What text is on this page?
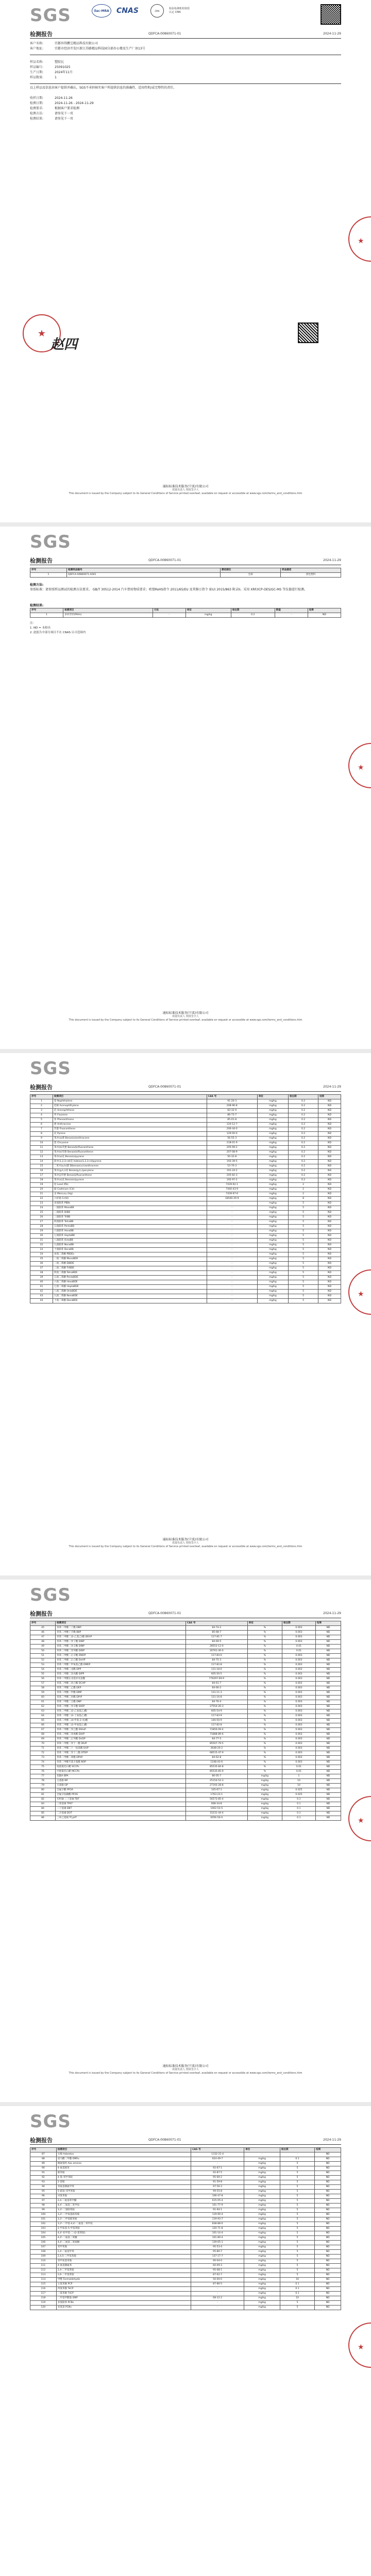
SGS	ilac-MRA	CNAS	CMA
检验检测机构资质认定 CMA
检测报告	QDFCA-00860071-01	2024-11-29
客户名称:	宜都容得鹏宝精品科技有限公司
客户地址:	宜都市经济开发区新江苏路精品科技园分部办公楼及生产厂房13号
样品名称:	塑胶瓦
样品编号:	25091025
生产日期:	2024年11月
样品数量:	1
以上样品及信息由客户提供并确认，SGS不承担核实客户所提供信息的准确性、适用性和/或完整性的责任。
收样日期:	2024-11-26
检测日期:	2024-11-26 - 2024-11-29
检测要求:	根据客户要求检测
检测方法:	请参见下一页
检测结果:	请参见下一页
★
赵四
通标标准技术服务(宁波)有限公司
质量负责人 授权签字人
This document is issued by the Company subject to its General Conditions of Service printed overleaf, available on request or accessible at www.sgs.com/terms_and_conditions.htm
★
SGS
检测报告	QDFCA-00860071-01	2024-11-29
序号	检测样品编号	测试部位	样品描述
1	QDFCA-00860071-A001	全部	黑色塑料
检测方法:
参照标准：请参照样品测试的检测方法要求。 GB/T 30512-2014 汽车禁用物质要求；欧盟RoHS指令 2011/65/EU 及其修订指令 (EU) 2015/863 附录II。采用 XRF/ICP-OES/GC-MS 等仪器进行检测。
检测结果:
序号	检测项目	方法	单位	检出限	限值	结果
1	多环芳烃(PAHs)	-	mg/kg	0.2	-	ND
注：
1. ND = 未检出
2. 此报告中部分项目不在 CNAS 认可范围内
通标标准技术服务(宁波)有限公司
质量负责人 授权签字人
This document is issued by the Company subject to its General Conditions of Service printed overleaf, available on request or accessible at www.sgs.com/terms_and_conditions.htm
★
SGS
检测报告	QDFCA-00860071-01	2024-11-29
序号	检测项目	CAS 号	单位	检出限	结果
1	萘 Naphthalene	91-20-3	mg/kg	0.2	ND
2	苊烯 Acenaphthylene	208-96-8	mg/kg	0.2	ND
3	苊 Acenaphthene	83-32-9	mg/kg	0.2	ND
4	芴 Fluorene	86-73-7	mg/kg	0.2	ND
5	菲 Phenanthrene	85-01-8	mg/kg	0.2	ND
6	蒽 Anthracene	120-12-7	mg/kg	0.2	ND
7	荧蒽 Fluoranthene	206-44-0	mg/kg	0.2	ND
8	芘 Pyrene	129-00-0	mg/kg	0.2	ND
9	苯并(a)蒽 Benzo(a)anthracene	56-55-3	mg/kg	0.2	ND
10	䓛 Chrysene	218-01-9	mg/kg	0.2	ND
11	苯并(b)荧蒽 Benzo(b)fluoranthene	205-99-2	mg/kg	0.2	ND
12	苯并(k)荧蒽 Benzo(k)fluoranthene	207-08-9	mg/kg	0.2	ND
13	苯并(a)芘 Benzo(a)pyrene	50-32-8	mg/kg	0.2	ND
14	茚并(1,2,3-cd)芘 Indeno(1,2,3-cd)pyrene	193-39-5	mg/kg	0.2	ND
15	二苯并(a,h)蒽 Dibenzo(a,h)anthracene	53-70-3	mg/kg	0.2	ND
16	苯并(g,h,i)苝 Benzo(g,h,i)perylene	191-24-2	mg/kg	0.2	ND
17	苯并(j)荧蒽 Benzo(j)fluoranthene	205-82-3	mg/kg	0.2	ND
18	苯并(e)芘 Benzo(e)pyrene	192-97-2	mg/kg	0.2	ND
19	铅 Lead (Pb)	7439-92-1	mg/kg	2	ND
20	镉 Cadmium (Cd)	7440-43-9	mg/kg	2	ND
21	汞 Mercury (Hg)	7439-97-6	mg/kg	2	ND
22	六价铬 Cr(VI)	18540-29-9	mg/kg	8	ND
23	多溴联苯 PBBs	-	mg/kg	5	ND
24	一溴联苯 MonoBB	-	mg/kg	5	ND
25	二溴联苯 DiBB	-	mg/kg	5	ND
26	三溴联苯 TriBB	-	mg/kg	5	ND
27	四溴联苯 TetraBB	-	mg/kg	5	ND
28	五溴联苯 PentaBB	-	mg/kg	5	ND
29	六溴联苯 HexaBB	-	mg/kg	5	ND
30	七溴联苯 HeptaBB	-	mg/kg	5	ND
31	八溴联苯 OctaBB	-	mg/kg	5	ND
32	九溴联苯 NonaBB	-	mg/kg	5	ND
33	十溴联苯 DecaBB	-	mg/kg	5	ND
34	多溴二苯醚 PBDEs	-	mg/kg	5	ND
35	一溴二苯醚 MonoBDE	-	mg/kg	5	ND
36	二溴二苯醚 DiBDE	-	mg/kg	5	ND
37	三溴二苯醚 TriBDE	-	mg/kg	5	ND
38	四溴二苯醚 TetraBDE	-	mg/kg	5	ND
39	五溴二苯醚 PentaBDE	-	mg/kg	5	ND
40	六溴二苯醚 HexaBDE	-	mg/kg	5	ND
41	七溴二苯醚 HeptaBDE	-	mg/kg	5	ND
42	八溴二苯醚 OctaBDE	-	mg/kg	5	ND
43	九溴二苯醚 NonaBDE	-	mg/kg	5	ND
44	十溴二苯醚 DecaBDE	-	mg/kg	5	ND
通标标准技术服务(宁波)有限公司
质量负责人 授权签字人
This document is issued by the Company subject to its General Conditions of Service printed overleaf, available on request or accessible at www.sgs.com/terms_and_conditions.htm
★
SGS
检测报告	QDFCA-00860071-01	2024-11-29
序号	检测项目	CAS 号	单位	检出限	结果
45	邻苯二甲酸二丁酯 DBP	84-74-2	%	0.003	ND
46	邻苯二甲酸丁苄酯 BBP	85-68-7	%	0.003	ND
47	邻苯二甲酸二(2-乙基己)酯 DEHP	117-81-7	%	0.003	ND
48	邻苯二甲酸二异丁酯 DIBP	84-69-5	%	0.003	ND
49	邻苯二甲酸二异壬酯 DINP	28553-12-0	%	0.01	ND
50	邻苯二甲酸二异癸酯 DIDP	26761-40-0	%	0.01	ND
51	邻苯二甲酸二正辛酯 DNOP	117-84-0	%	0.003	ND
52	邻苯二甲酸二正己酯 DnHP	84-75-3	%	0.003	ND
53	邻苯二甲酸二甲氧基乙酯 DMEP	117-82-8	%	0.003	ND
54	邻苯二甲酸二戊酯 DPP	131-18-0	%	0.003	ND
55	邻苯二甲酸二异戊酯 DIPP	605-50-5	%	0.003	ND
56	邻苯二甲酸正戊基异戊基酯	776297-69-9	%	0.003	ND
57	邻苯二甲酸二环己酯 DCHP	84-61-7	%	0.003	ND
58	邻苯二甲酸二乙酯 DEP	84-66-2	%	0.003	ND
59	邻苯二甲酸二甲酯 DMP	131-11-3	%	0.003	ND
60	邻苯二甲酸二丙酯 DPrP	131-16-8	%	0.003	ND
61	邻苯二甲酸二壬酯 DNP	84-76-4	%	0.003	ND
62	邻苯二甲酸二异辛酯 DIOP	27554-26-3	%	0.003	ND
63	邻苯二甲酸二(2-乙氧基乙)酯	605-54-9	%	0.003	ND
64	邻苯二甲酸二(2-丁氧基乙)酯	117-83-9	%	0.003	ND
65	邻苯二甲酸二(4-甲基-2-戊)酯	146-50-9	%	0.003	ND
66	邻苯二甲酸二(2-甲氧基乙)酯	117-82-8	%	0.003	ND
67	邻苯二甲酸二异己酯 DIHxP	71850-09-4	%	0.003	ND
68	邻苯二甲酸二异庚酯 DIHP	71888-89-6	%	0.003	ND
69	邻苯二甲酸二正癸酯 DnDP	84-77-5	%	0.003	ND
70	邻苯二甲酸二异十一酯 DIUP	85507-79-5	%	0.003	ND
71	邻苯二甲酸二十一烷基酯 DUP	3648-20-2	%	0.003	ND
72	邻苯二甲酸二异十三酯 DTDP	68515-47-9	%	0.003	ND
73	邻苯二甲酸二苯酯 DPhP	84-62-8	%	0.003	ND
74	邻苯二甲酸苄基辛基酯 BOP	1248-43-6	%	0.003	ND
75	短链氯化石蜡 SCCPs	85535-84-8	%	0.01	ND
76	中链氯化石蜡 MCCPs	85535-85-9	%	0.01	ND
77	双酚A BPA	80-05-7	mg/kg	1	ND
78	壬基酚 NP	25154-52-3	mg/kg	10	ND
79	辛基酚 OP	27193-28-8	mg/kg	10	ND
80	全氟辛酸 PFOA	335-67-1	mg/kg	0.025	ND
81	全氟辛烷磺酸 PFOS	1763-23-1	mg/kg	0.025	ND
82	有机锡 三丁基锡 TBT	56573-85-4	mg/kg	0.1	ND
83	三苯基锡 TPhT	668-34-8	mg/kg	0.1	ND
84	二丁基锡 DBT	1002-53-5	mg/kg	0.1	ND
85	二辛基锡 DOT	15231-44-4	mg/kg	0.1	ND
86	三环己基锡 TCyHT	6056-50-0	mg/kg	0.1	ND
通标标准技术服务(宁波)有限公司
质量负责人 授权签字人
This document is issued by the Company subject to its General Conditions of Service printed overleaf, available on request or accessible at www.sgs.com/terms_and_conditions.htm
★
SGS
检测报告	QDFCA-00860071-01	2024-11-29
序号	检测项目	CAS 号	单位	检出限	结果
87	石棉 Asbestos	1332-21-4	-	-	ND
88	富马酸二甲酯 DMFu	624-49-7	mg/kg	0.1	ND
89	偶氮染料 Azo amines	-	mg/kg	5	ND
90	4-氨基联苯	92-67-1	mg/kg	5	ND
91	联苯胺	92-87-5	mg/kg	5	ND
92	4-氯-邻甲苯胺	95-69-2	mg/kg	5	ND
93	2-萘胺	91-59-8	mg/kg	5	ND
94	邻氨基偶氮甲苯	97-56-3	mg/kg	5	ND
95	5-硝基-邻甲苯胺	99-55-8	mg/kg	5	ND
96	对氯苯胺	106-47-8	mg/kg	5	ND
97	2,4-二氨基苯甲醚	615-05-4	mg/kg	5	ND
98	4,4'-二氨基二苯甲烷	101-77-9	mg/kg	5	ND
99	3,3'-二氯联苯胺	91-94-1	mg/kg	5	ND
100	3,3'-二甲氧基联苯胺	119-90-4	mg/kg	5	ND
101	3,3'-二甲基联苯胺	119-93-7	mg/kg	5	ND
102	3,3'-二甲基-4,4'-二氨基二苯甲烷	838-88-0	mg/kg	5	ND
103	2-甲氧基-5-甲基苯胺	120-71-8	mg/kg	5	ND
104	4,4'-亚甲基-二-(2-氯苯胺)	101-14-4	mg/kg	5	ND
105	4,4'-二氨基二苯醚	101-80-4	mg/kg	5	ND
106	4,4'-二氨基二苯硫醚	139-65-1	mg/kg	5	ND
107	邻甲苯胺	95-53-4	mg/kg	5	ND
108	2,4-二氨基甲苯	95-80-7	mg/kg	5	ND
109	2,4,5-三甲基苯胺	137-17-7	mg/kg	5	ND
110	邻甲氧基苯胺	90-04-0	mg/kg	5	ND
111	4-氨基偶氮苯	60-09-3	mg/kg	5	ND
112	2,4-二甲基苯胺	95-68-1	mg/kg	5	ND
113	2,6-二甲基苯胺	87-62-7	mg/kg	5	ND
114	甲醛 Formaldehyde	50-00-0	mg/kg	16	ND
115	五氯苯酚 PCP	87-86-5	mg/kg	0.1	ND
116	四氯苯酚 TeCP	-	mg/kg	0.1	ND
117	三氯苯酚 TriCP	-	mg/kg	0.1	ND
118	二甲基甲酰胺 DMF	68-12-2	mg/kg	10	ND
119	多氯联苯 PCBs	-	mg/kg	5	ND
120	多氯萘 PCNs	-	mg/kg	5	ND
★
